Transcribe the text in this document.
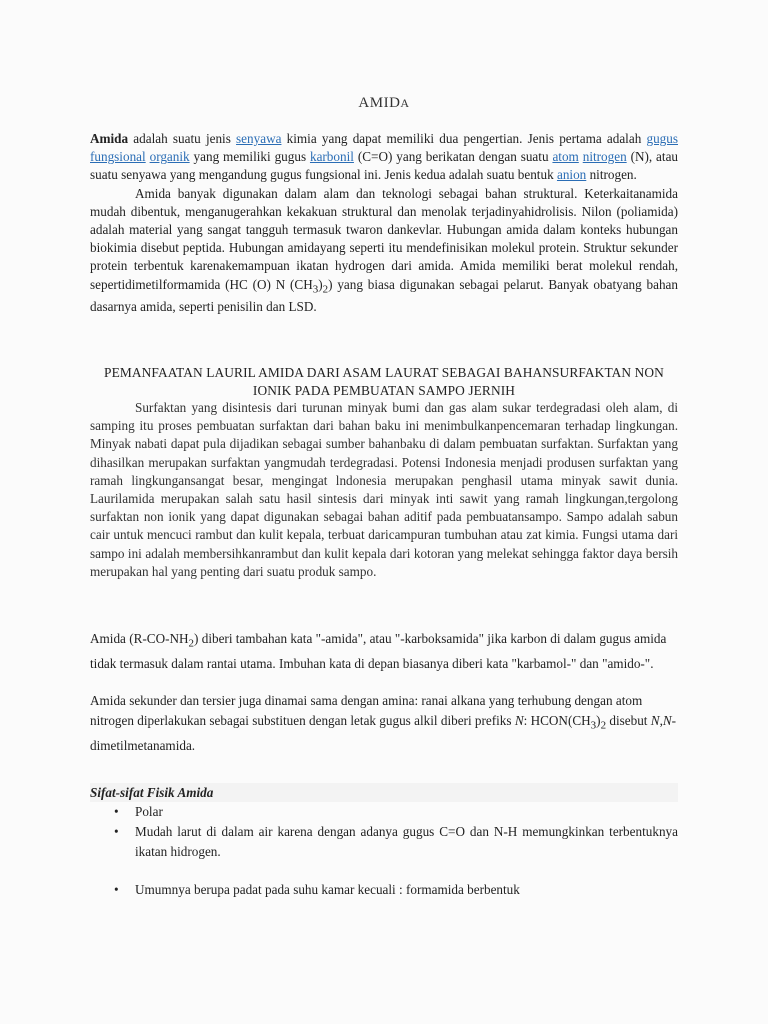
AMIDA

Amida adalah suatu jenis senyawa kimia yang dapat memiliki dua pengertian. Jenis pertama adalah gugus fungsional organik yang memiliki gugus karbonil (C=O) yang berikatan dengan suatu atom nitrogen (N), atau suatu senyawa yang mengandung gugus fungsional ini. Jenis kedua adalah suatu bentuk anion nitrogen.

Amida banyak digunakan dalam alam dan teknologi sebagai bahan struktural. Keterkaitanamida mudah dibentuk, menganugerahkan kekakuan struktural dan menolak terjadinyahidrolisis. Nilon (poliamida) adalah material yang sangat tangguh termasuk twaron dankevlar. Hubungan amida dalam konteks hubungan biokimia disebut peptida. Hubungan amidayang seperti itu mendefinisikan molekul protein. Struktur sekunder protein terbentuk karenakemampuan ikatan hydrogen dari amida. Amida memiliki berat molekul rendah, sepertidimetilformamida (HC (O) N $(CH_3)_2$) yang biasa digunakan sebagai pelarut. Banyak obatyang bahan dasarnya amida, seperti penisilin dan LSD.

PEMANFAATAN LAURIL AMIDA DARI ASAM LAURAT SEBAGAI BAHANSURFAKTAN NON IONIK PADA PEMBUATAN SAMPO JERNIH

Surfaktan yang disintesis dari turunan minyak bumi dan gas alam sukar terdegradasi oleh alam, di samping itu proses pembuatan surfaktan dari bahan baku ini menimbulkanpencemaran terhadap lingkungan. Minyak nabati dapat pula dijadikan sebagai sumber bahanbaku di dalam pembuatan surfaktan. Surfaktan yang dihasilkan merupakan surfaktan yangmudah terdegradasi. Potensi Indonesia menjadi produsen surfaktan yang ramah lingkungansangat besar, mengingat lndonesia merupakan penghasil utama minyak sawit dunia. Laurilamida merupakan salah satu hasil sintesis dari minyak inti sawit yang ramah lingkungan,tergolong surfaktan non ionik yang dapat digunakan sebagai bahan aditif pada pembuatansampo. Sampo adalah sabun cair untuk mencuci rambut dan kulit kepala, terbuat daricampuran tumbuhan atau zat kimia. Fungsi utama dari sampo ini adalah membersihkanrambut dan kulit kepala dari kotoran yang melekat sehingga faktor daya bersih merupakan hal yang penting dari suatu produk sampo.

Amida $(R-CO-NH_2)$ diberi tambahan kata "-amida", atau "-karboksamida" jika karbon di dalam gugus amida tidak termasuk dalam rantai utama. Imbuhan kata di depan biasanya diberi kata "karbamol-" dan "amido-".

Amida sekunder dan tersier juga dinamai sama dengan amina: ranai alkana yang terhubung dengan atom nitrogen diperlakukan sebagai substituen dengan letak gugus alkil diberi prefiks N: $HCON(CH_3)_2$ disebut N,N-dimetilmetanamida.

Sifat-sifat Fisik Amida
• Polar
• Mudah larut di dalam air karena dengan adanya gugus C=O dan N-H memungkinkan terbentuknya ikatan hidrogen.
• Umumnya berupa padat pada suhu kamar kecuali : formamida berbentuk
